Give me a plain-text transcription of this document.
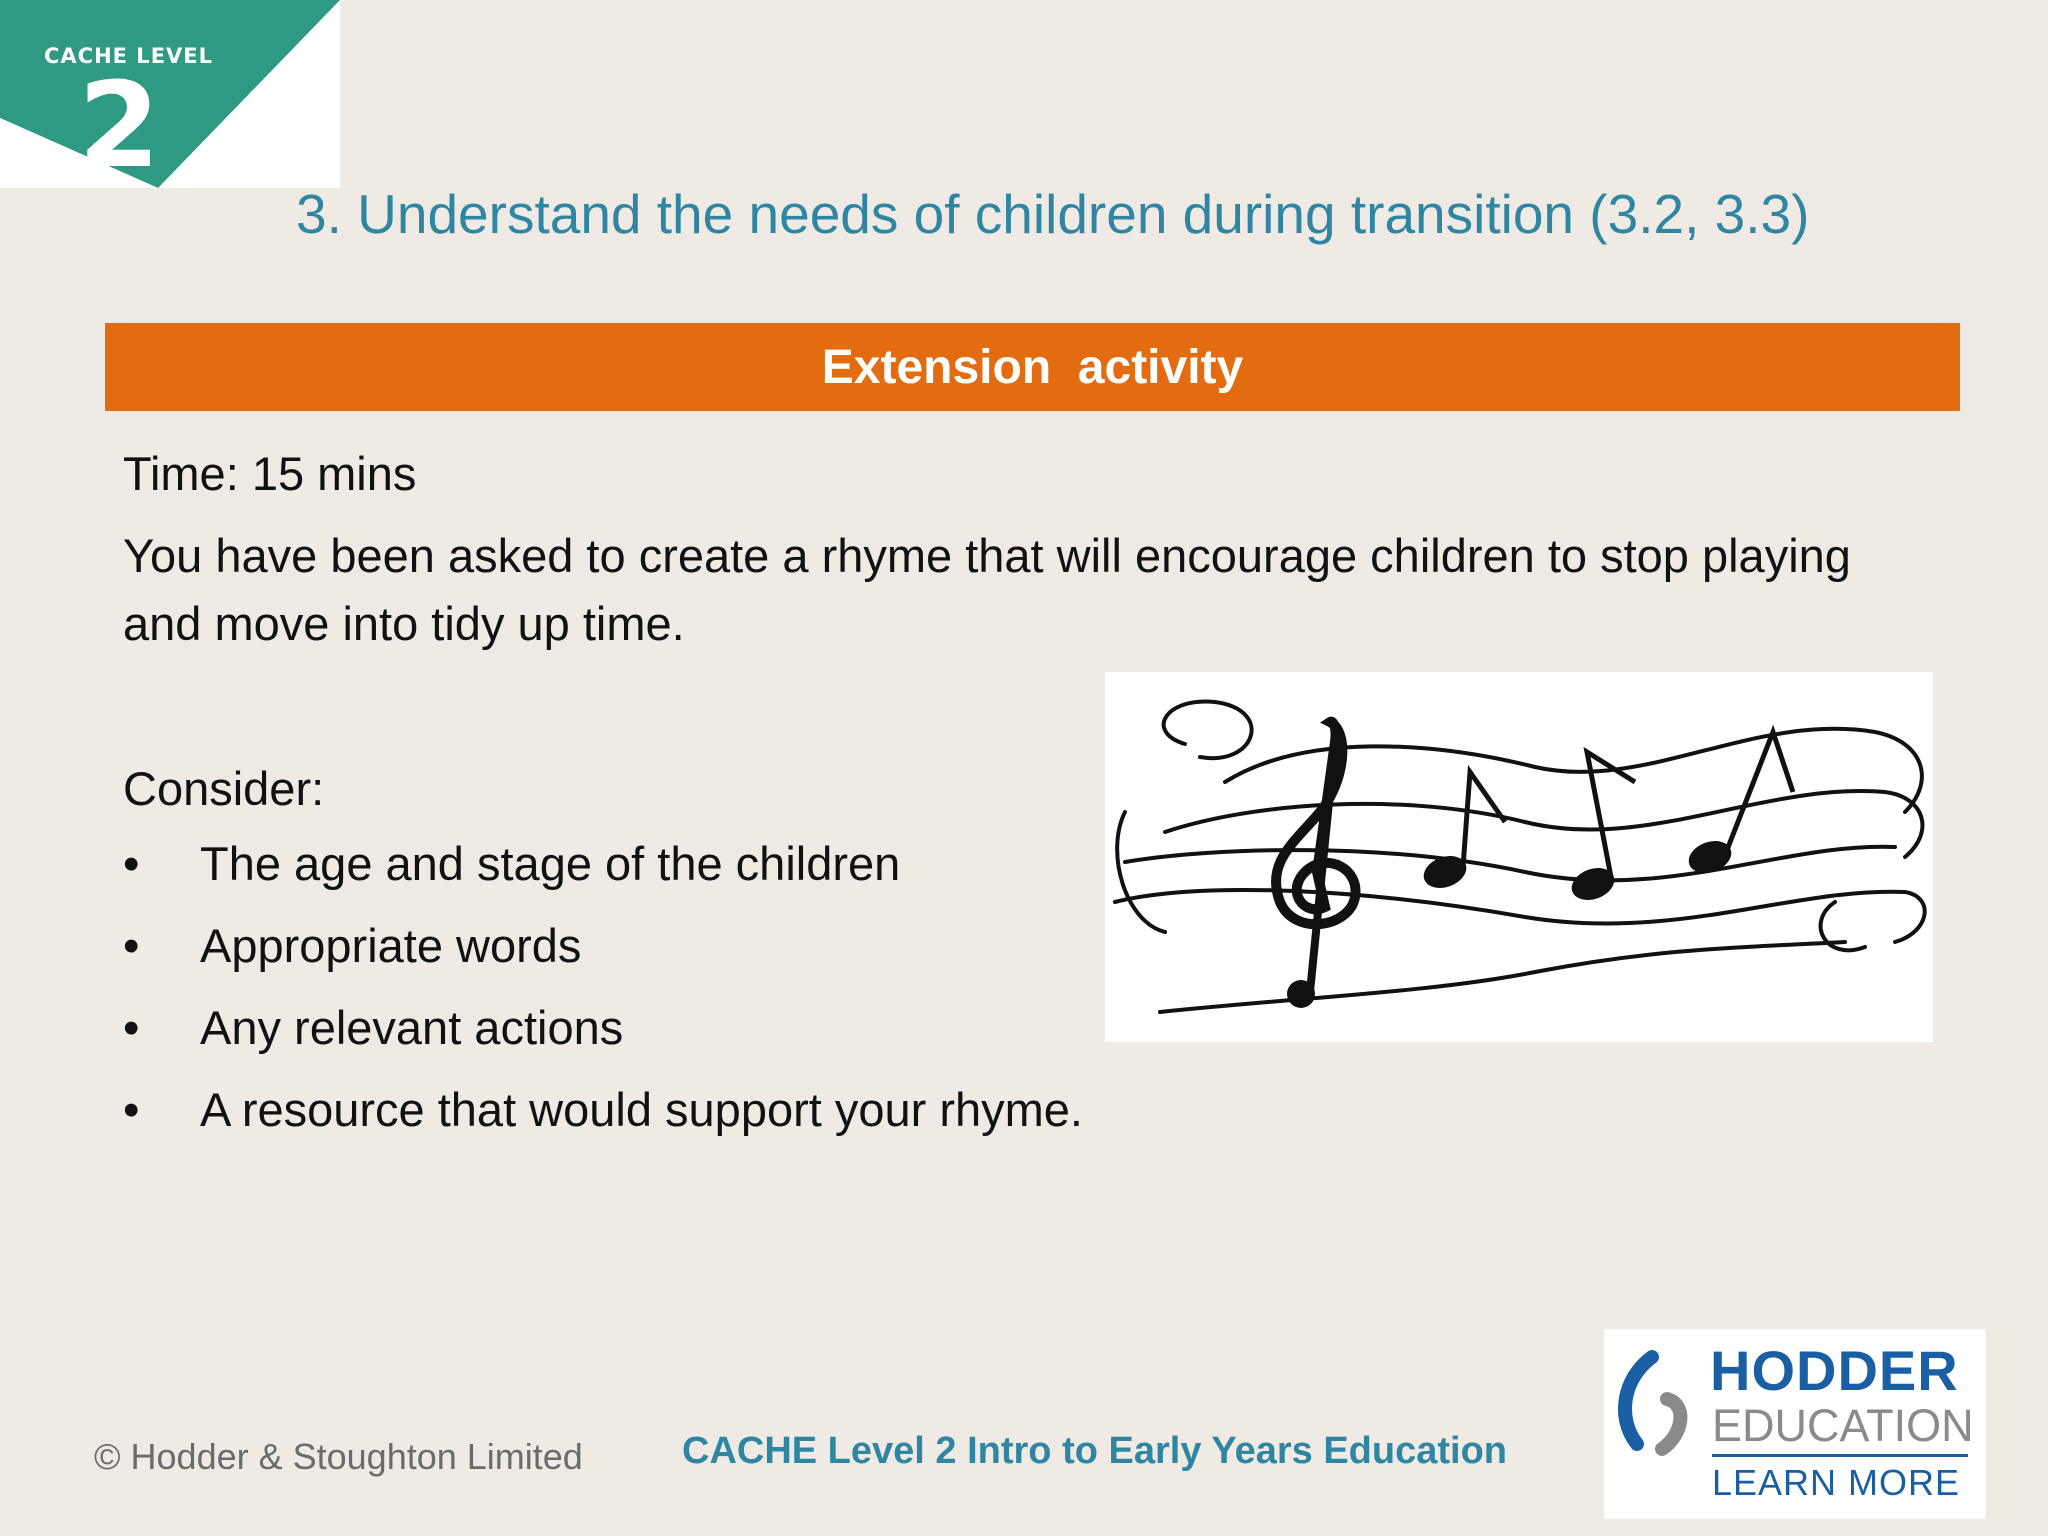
CACHE LEVEL
2
3. Understand the needs of children during transition (3.2, 3.3)
Extension  activity
Time: 15 mins
You have been asked to create a rhyme that will encourage children to stop playing and move into tidy up time.
Consider:
•	The age and stage of the children
•	Appropriate words
•	Any relevant actions
•	A resource that would support your rhyme.
© Hodder & Stoughton Limited	CACHE Level 2 Intro to Early Years Education
HODDER
EDUCATION
LEARN MORE
